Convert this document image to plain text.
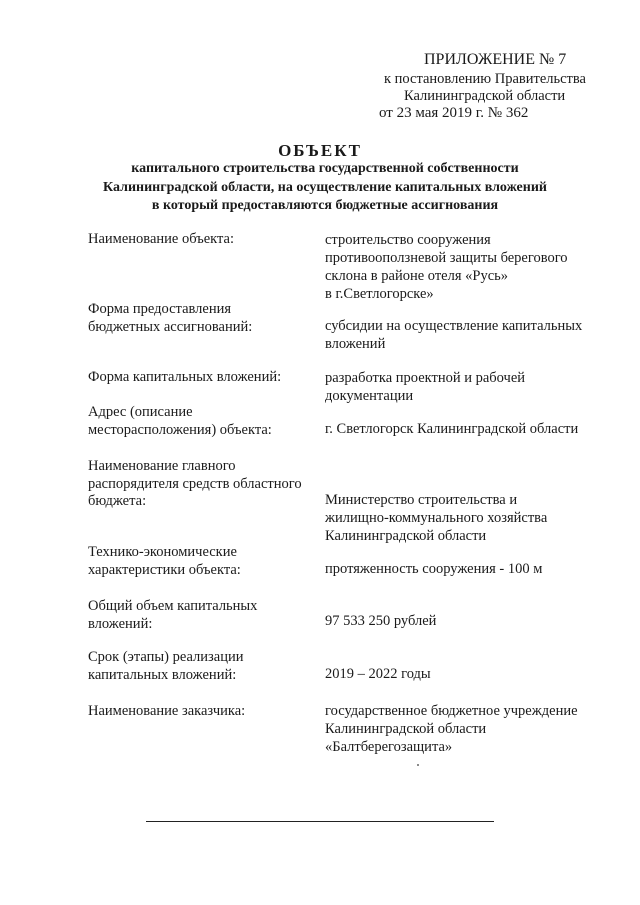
ПРИЛОЖЕНИЕ № 7
к постановлению Правительства
Калининградской области
от 23 мая 2019 г. № 362
ОБЪЕКТ
капитального строительства государственной собственности
Калининградской области, на осуществление капитальных вложений
в который предоставляются бюджетные ассигнования
Наименование объекта:	строительство сооружения
противооползневой защиты берегового
склона в районе отеля «Русь»
в г.Светлогорске»
Форма предоставления
бюджетных ассигнований:	субсидии на осуществление капитальных
вложений
Форма капитальных вложений:	разработка проектной и рабочей
документации
Адрес (описание
месторасположения) объекта:	г. Светлогорск Калининградской области
Наименование главного
распорядителя средств областного
бюджета:	Министерство строительства и
жилищно-коммунального хозяйства
Калининградской области
Технико-экономические
характеристики объекта:	протяженность сооружения - 100 м
Общий объем капитальных
вложений:	97 533 250 рублей
Срок (этапы) реализации
капитальных вложений:	2019 – 2022 годы
Наименование заказчика:	государственное бюджетное учреждение
Калининградской области
«Балтберегозащита»
